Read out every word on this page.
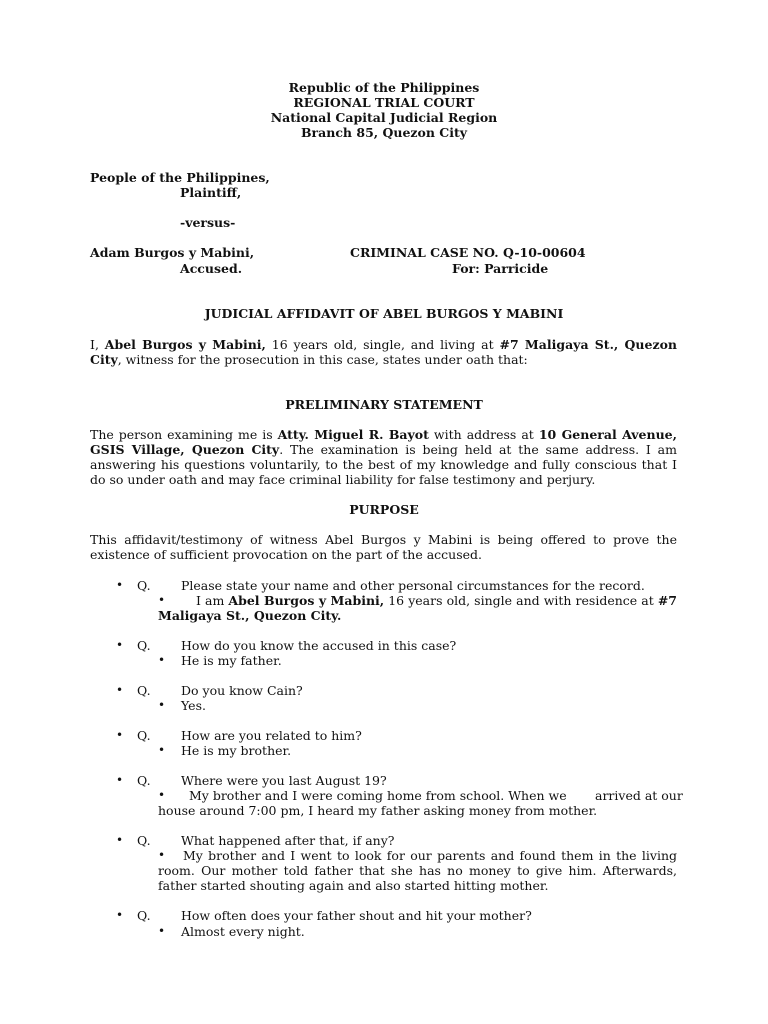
Republic of the Philippines
REGIONAL TRIAL COURT
National Capital Judicial Region
Branch 85, Quezon City
People of the Philippines,
Plaintiff,
-versus-
Adam Burgos y Mabini,
Accused.
CRIMINAL CASE NO. Q-10-00604
For: Parricide
JUDICIAL AFFIDAVIT OF ABEL BURGOS Y MABINI
I, Abel Burgos y Mabini, 16 years old, single, and living at #7 Maligaya St., Quezon City, witness for the prosecution in this case, states under oath that:
PRELIMINARY STATEMENT
The person examining me is Atty. Miguel R. Bayot with address at 10 General Avenue, GSIS Village, Quezon City. The examination is being held at the same address. I am answering his questions voluntarily, to the best of my knowledge and fully conscious that I do so under oath and may face criminal liability for false testimony and perjury.
PURPOSE
This affidavit/testimony of witness Abel Burgos y Mabini is being offered to prove the existence of sufficient provocation on the part of the accused.
• Q. Please state your name and other personal circumstances for the record.
•	I am Abel Burgos y Mabini, 16 years old, single and with residence at #7 Maligaya St., Quezon City.
• Q. How do you know the accused in this case?
• He is my father.
• Q. Do you know Cain?
• Yes.
• Q. How are you related to him?
• He is my brother.
• Q. Where were you last August 19?
• My brother and I were coming home from school. When we arrived at our
house around 7:00 pm, I heard my father asking money from mother.
• Q. What happened after that, if any?
•	My brother and I went to look for our parents and found them in the living room. Our mother told father that she has no money to give him. Afterwards, father started shouting again and also started hitting mother.
• Q. How often does your father shout and hit your mother?
• Almost every night.
